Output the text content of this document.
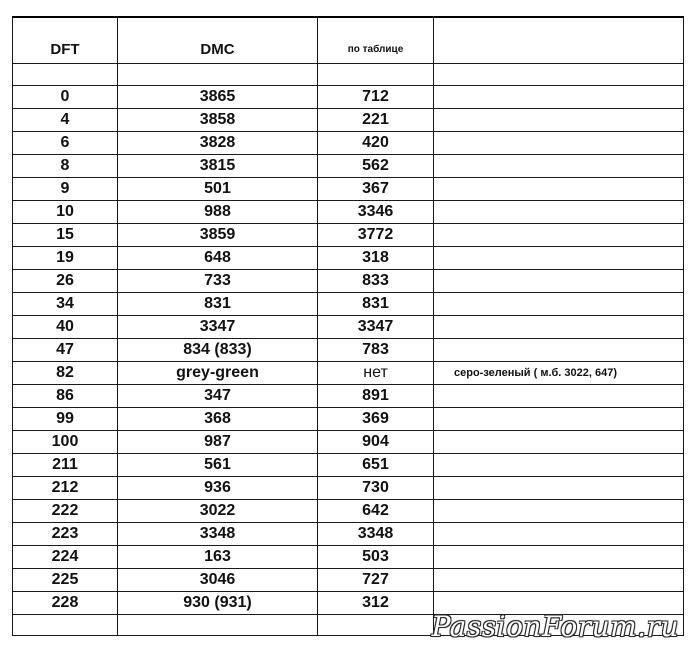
DFT	DMC	по таблице	

0	3865	712	
4	3858	221	
6	3828	420	
8	3815	562	
9	501	367	
10	988	3346	
15	3859	3772	
19	648	318	
26	733	833	
34	831	831	
40	3347	3347	
47	834 (833)	783	
82	grey-green	нет	серо-зеленый ( м.б. 3022, 647)
86	347	891	
99	368	369	
100	987	904	
211	561	651	
212	936	730	
222	3022	642	
223	3348	3348	
224	163	503	
225	3046	727	
228	930 (931)	312	

PassionForum.ru
